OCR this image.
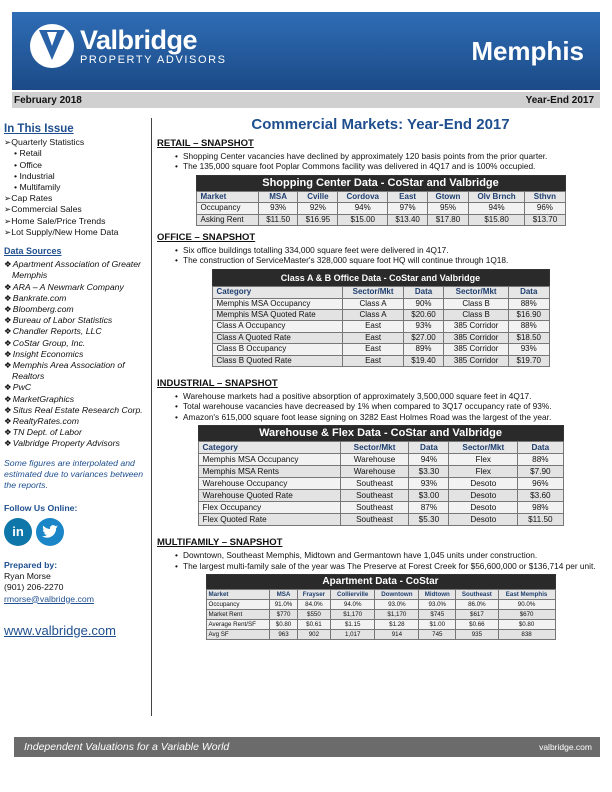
Valbridge
PROPERTY ADVISORS	Memphis
February 2018	Year-End 2017
In This Issue
➢ Quarterly Statistics
• Retail
• Office
• Industrial
• Multifamily
➢ Cap Rates
➢ Commercial Sales
➢ Home Sale/Price Trends
➢ Lot Supply/New Home Data
Data Sources
❖ Apartment Association of Greater Memphis
❖ ARA – A Newmark Company
❖ Bankrate.com
❖ Bloomberg.com
❖ Bureau of Labor Statistics
❖ Chandler Reports, LLC
❖ CoStar Group, Inc.
❖ Insight Economics
❖ Memphis Area Association of Realtors
❖ PwC
❖ MarketGraphics
❖ Situs Real Estate Research Corp.
❖ RealtyRates.com
❖ TN Dept. of Labor
❖ Valbridge Property Advisors
Some figures are interpolated and estimated due to variances between the reports.
Follow Us Online:
in
Prepared by:
Ryan Morse
(901) 206-2270
rmorse@valbridge.com
www.valbridge.com
Commercial Markets: Year-End 2017
RETAIL – SNAPSHOT
• Shopping Center vacancies have declined by approximately 120 basis points from the prior quarter.
• The 135,000 square foot Poplar Commons facility was delivered in 4Q17 and is 100% occupied.
Shopping Center Data - CoStar and Valbridge
Market	MSA	Cville	Cordova	East	Gtown	Olv Brnch	Sthvn
Occupancy	93%	92%	94%	97%	95%	94%	96%
Asking Rent	$11.50	$16.95	$15.00	$13.40	$17.80	$15.80	$13.70
OFFICE – SNAPSHOT
• Six office buildings totalling 334,000 square feet were delivered in 4Q17.
• The construction of ServiceMaster's 328,000 square foot HQ will continue through 1Q18.
Class A & B Office Data - CoStar and Valbridge
Category	Sector/Mkt	Data	Sector/Mkt	Data
Memphis MSA Occupancy	Class A	90%	Class B	88%
Memphis MSA Quoted Rate	Class A	$20.60	Class B	$16.90
Class A Occupancy	East	93%	385 Corridor	88%
Class A Quoted Rate	East	$27.00	385 Corridor	$18.50
Class B Occupancy	East	89%	385 Corridor	93%
Class B Quoted Rate	East	$19.40	385 Corridor	$19.70
INDUSTRIAL – SNAPSHOT
• Warehouse markets had a positive absorption of approximately 3,500,000 square feet in 4Q17.
• Total warehouse vacancies have decreased by 1% when compared to 3Q17 occupancy rate of 93%.
• Amazon's 615,000 square foot lease signing on 3282 East Holmes Road was the largest of the year.
Warehouse & Flex Data - CoStar and Valbridge
Category	Sector/Mkt	Data	Sector/Mkt	Data
Memphis MSA Occupancy	Warehouse	94%	Flex	88%
Memphis MSA Rents	Warehouse	$3.30	Flex	$7.90
Warehouse Occupancy	Southeast	93%	Desoto	96%
Warehouse Quoted Rate	Southeast	$3.00	Desoto	$3.60
Flex Occupancy	Southeast	87%	Desoto	98%
Flex Quoted Rate	Southeast	$5.30	Desoto	$11.50
MULTIFAMILY – SNAPSHOT
• Downtown, Southeast Memphis, Midtown and Germantown have 1,045 units under construction.
• The largest multi-family sale of the year was The Preserve at Forest Creek for $56,600,000 or $136,714 per unit.
Apartment Data - CoStar
Market	MSA	Frayser	Collierville	Downtown	Midtown	Southeast	East Memphis
Occupancy	91.0%	84.0%	94.0%	93.0%	93.0%	86.0%	90.0%
Market Rent	$770	$550	$1,170	$1,170	$745	$617	$670
Average Rent/SF	$0.80	$0.61	$1.15	$1.28	$1.00	$0.66	$0.80
Avg SF	963	902	1,017	914	745	935	838
Independent Valuations for a Variable World	valbridge.com
